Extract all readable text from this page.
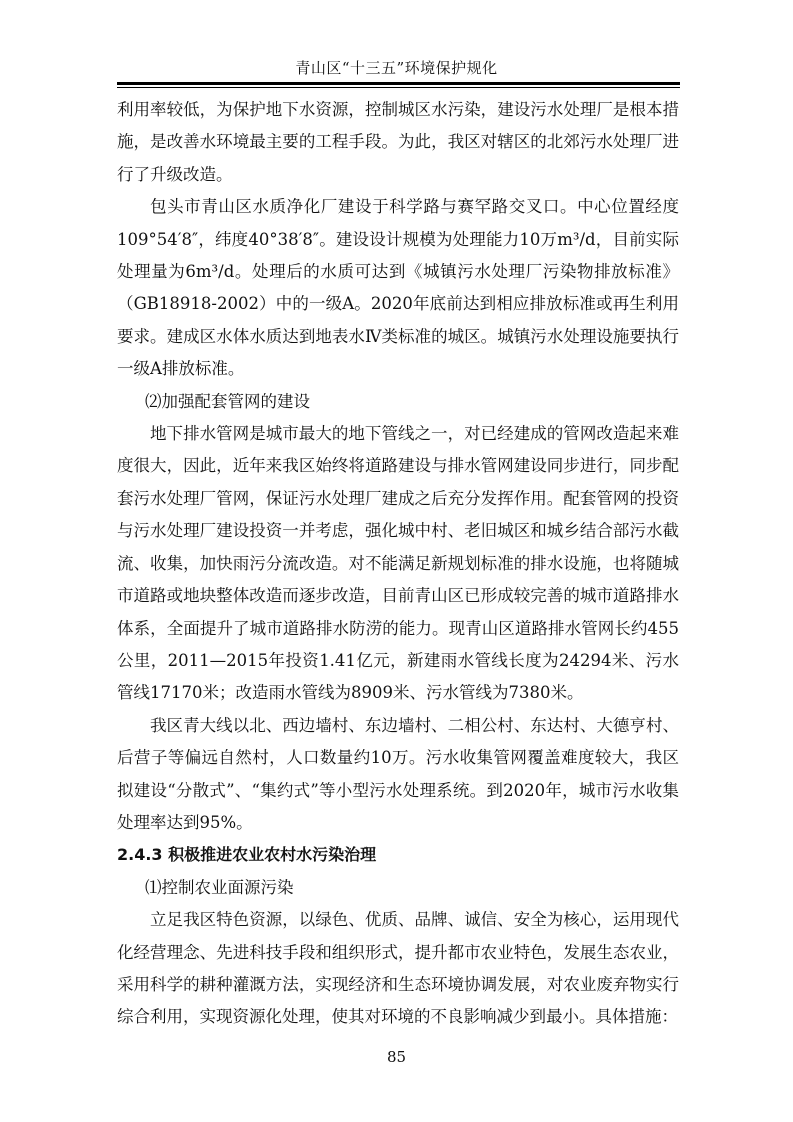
青山区“十三五”环境保护规化

利用率较低，为保护地下水资源，控制城区水污染，建设污水处理厂是根本措施，是改善水环境最主要的工程手段。为此，我区对辖区的北郊污水处理厂进行了升级改造。

包头市青山区水质净化厂建设于科学路与赛罕路交叉口。中心位置经度109°54′8″，纬度40°38′8″。建设设计规模为处理能力10万m³/d，目前实际处理量为6m³/d。处理后的水质可达到《城镇污水处理厂污染物排放标准》（GB18918-2002）中的一级A。2020年底前达到相应排放标准或再生利用要求。建成区水体水质达到地表水Ⅳ类标准的城区。城镇污水处理设施要执行一级A排放标准。

⑵加强配套管网的建设

地下排水管网是城市最大的地下管线之一，对已经建成的管网改造起来难度很大，因此，近年来我区始终将道路建设与排水管网建设同步进行，同步配套污水处理厂管网，保证污水处理厂建成之后充分发挥作用。配套管网的投资与污水处理厂建设投资一并考虑，强化城中村、老旧城区和城乡结合部污水截流、收集，加快雨污分流改造。对不能满足新规划标准的排水设施，也将随城市道路或地块整体改造而逐步改造，目前青山区已形成较完善的城市道路排水体系，全面提升了城市道路排水防涝的能力。现青山区道路排水管网长约455公里，2011—2015年投资1.41亿元，新建雨水管线长度为24294米、污水管线17170米；改造雨水管线为8909米、污水管线为7380米。

我区青大线以北、西边墙村、东边墙村、二相公村、东达村、大德亨村、后营子等偏远自然村，人口数量约10万。污水收集管网覆盖难度较大，我区拟建设“分散式”、“集约式”等小型污水处理系统。到2020年，城市污水收集处理率达到95%。

2.4.3 积极推进农业农村水污染治理

⑴控制农业面源污染

立足我区特色资源，以绿色、优质、品牌、诚信、安全为核心，运用现代化经营理念、先进科技手段和组织形式，提升都市农业特色，发展生态农业，采用科学的耕种灌溉方法，实现经济和生态环境协调发展，对农业废弃物实行综合利用，实现资源化处理，使其对环境的不良影响减少到最小。具体措施：

85
